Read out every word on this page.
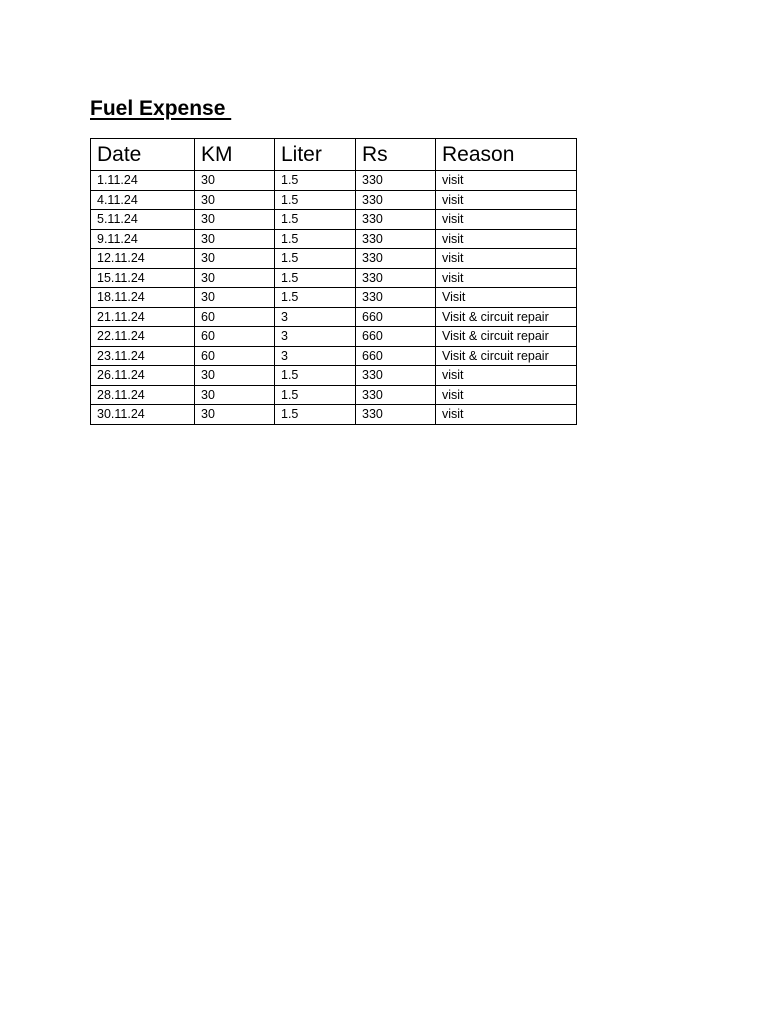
Fuel Expense
Date	KM	Liter	Rs	Reason
1.11.24	30	1.5	330	visit
4.11.24	30	1.5	330	visit
5.11.24	30	1.5	330	visit
9.11.24	30	1.5	330	visit
12.11.24	30	1.5	330	visit
15.11.24	30	1.5	330	visit
18.11.24	30	1.5	330	Visit
21.11.24	60	3	660	Visit & circuit repair
22.11.24	60	3	660	Visit & circuit repair
23.11.24	60	3	660	Visit & circuit repair
26.11.24	30	1.5	330	visit
28.11.24	30	1.5	330	visit
30.11.24	30	1.5	330	visit
